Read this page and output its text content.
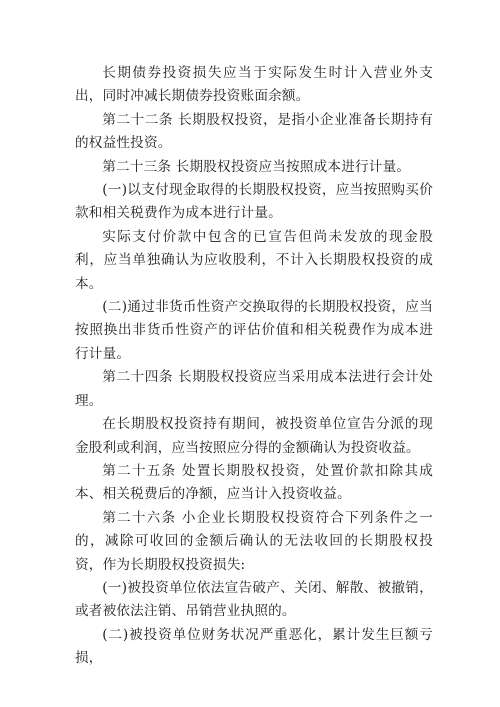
长期债券投资损失应当于实际发生时计入营业外支出，同时冲减长期债券投资账面余额。

第二十二条 长期股权投资，是指小企业准备长期持有的权益性投资。

第二十三条 长期股权投资应当按照成本进行计量。

(一)以支付现金取得的长期股权投资，应当按照购买价款和相关税费作为成本进行计量。

实际支付价款中包含的已宣告但尚未发放的现金股利，应当单独确认为应收股利，不计入长期股权投资的成本。

(二)通过非货币性资产交换取得的长期股权投资，应当按照换出非货币性资产的评估价值和相关税费作为成本进行计量。

第二十四条 长期股权投资应当采用成本法进行会计处理。

在长期股权投资持有期间，被投资单位宣告分派的现金股利或利润，应当按照应分得的金额确认为投资收益。

第二十五条 处置长期股权投资，处置价款扣除其成本、相关税费后的净额，应当计入投资收益。

第二十六条 小企业长期股权投资符合下列条件之一的，减除可收回的金额后确认的无法收回的长期股权投资，作为长期股权投资损失:

(一)被投资单位依法宣告破产、关闭、解散、被撤销，或者被依法注销、吊销营业执照的。

(二)被投资单位财务状况严重恶化，累计发生巨额亏损，
